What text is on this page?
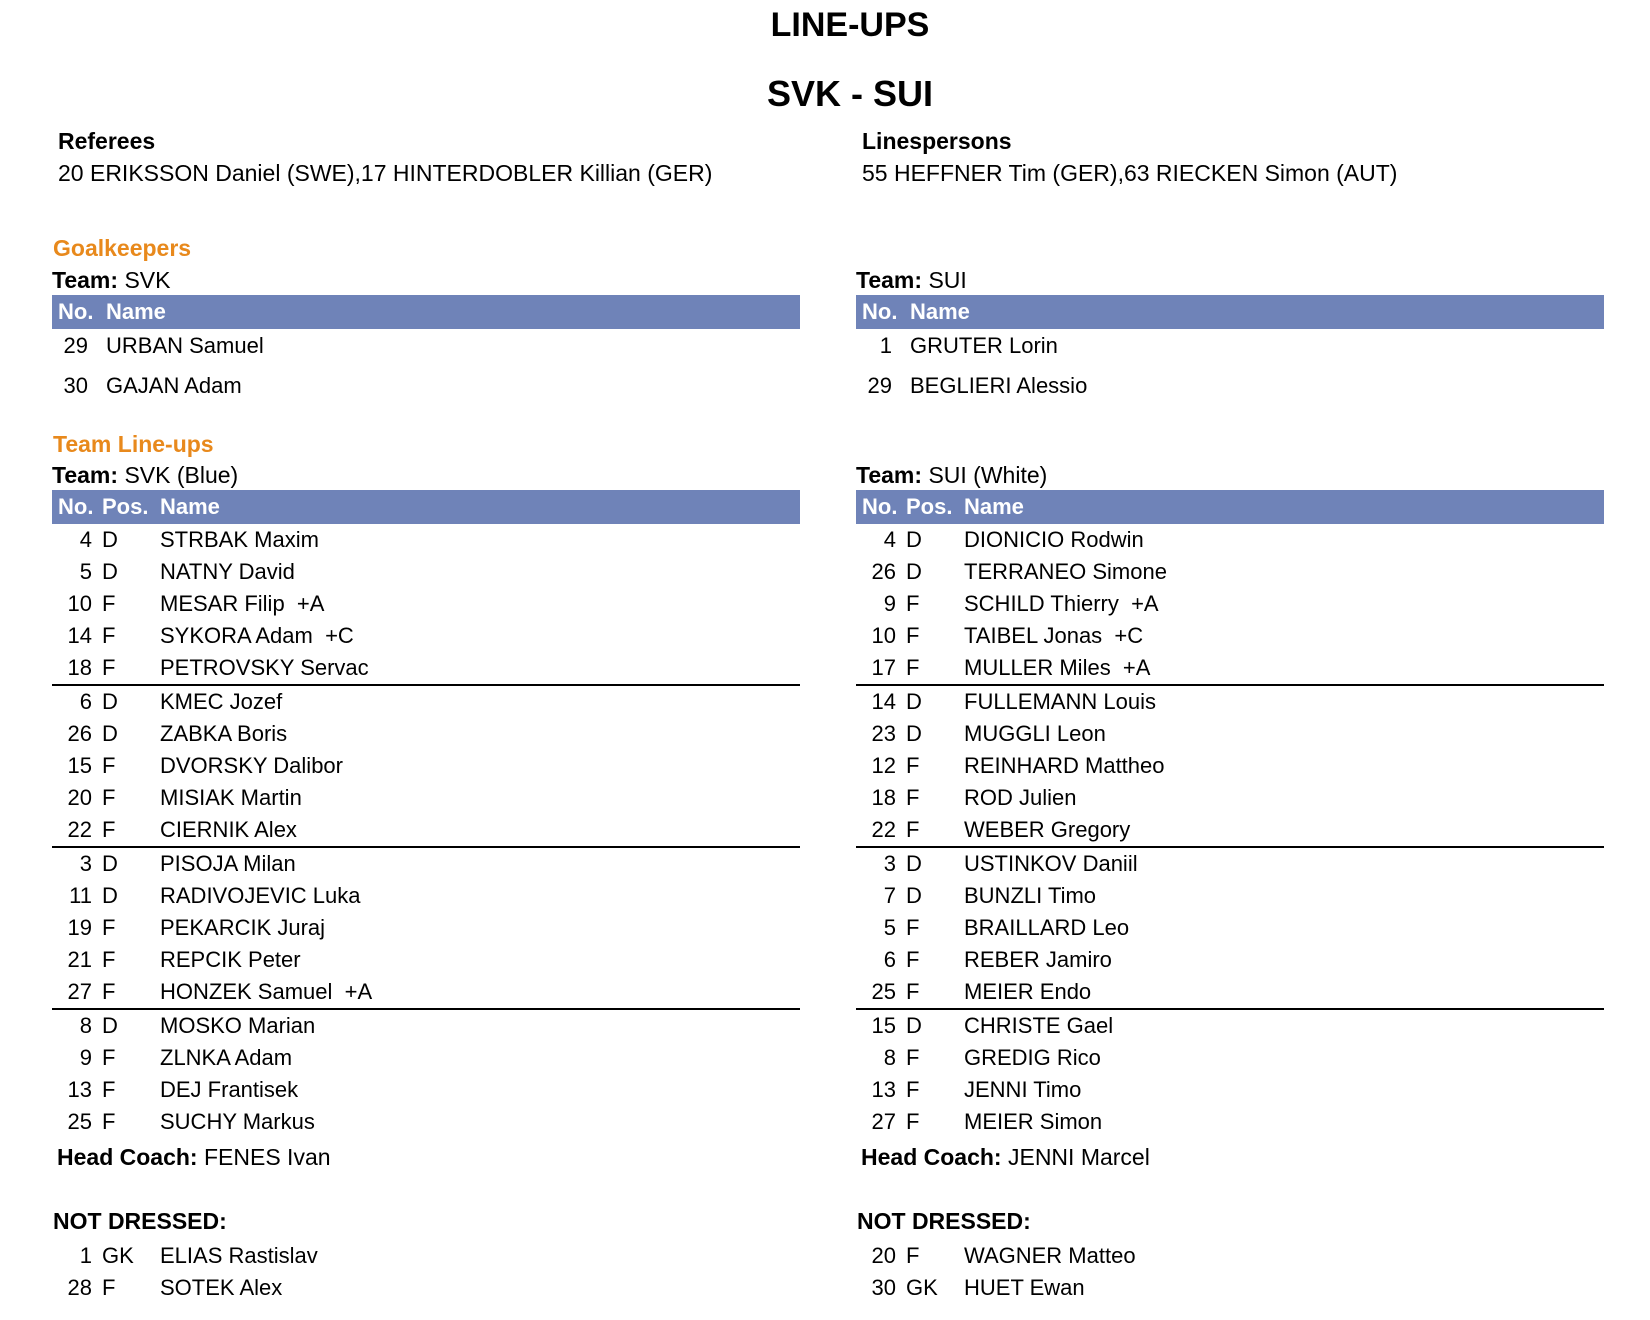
LINE-UPS
SVK - SUI
Referees
20 ERIKSSON Daniel (SWE),17 HINTERDOBLER Killian (GER)
Linespersons
55 HEFFNER Tim (GER),63 RIECKEN Simon (AUT)
Goalkeepers
Team: SVK
No. Name
29 URBAN Samuel
30 GAJAN Adam
Team: SUI
No. Name
1 GRUTER Lorin
29 BEGLIERI Alessio
Team Line-ups
Team: SVK (Blue)
No. Pos. Name
4 D STRBAK Maxim
5 D NATNY David
10 F MESAR Filip  +A
14 F SYKORA Adam  +C
18 F PETROVSKY Servac
6 D KMEC Jozef
26 D ZABKA Boris
15 F DVORSKY Dalibor
20 F MISIAK Martin
22 F CIERNIK Alex
3 D PISOJA Milan
11 D RADIVOJEVIC Luka
19 F PEKARCIK Juraj
21 F REPCIK Peter
27 F HONZEK Samuel  +A
8 D MOSKO Marian
9 F ZLNKA Adam
13 F DEJ Frantisek
25 F SUCHY Markus
Team: SUI (White)
No. Pos. Name
4 D DIONICIO Rodwin
26 D TERRANEO Simone
9 F SCHILD Thierry  +A
10 F TAIBEL Jonas  +C
17 F MULLER Miles  +A
14 D FULLEMANN Louis
23 D MUGGLI Leon
12 F REINHARD Mattheo
18 F ROD Julien
22 F WEBER Gregory
3 D USTINKOV Daniil
7 D BUNZLI Timo
5 F BRAILLARD Leo
6 F REBER Jamiro
25 F MEIER Endo
15 D CHRISTE Gael
8 F GREDIG Rico
13 F JENNI Timo
27 F MEIER Simon
Head Coach: FENES Ivan	Head Coach: JENNI Marcel
NOT DRESSED:	NOT DRESSED:
1 GK ELIAS Rastislav
28 F SOTEK Alex
20 F WAGNER Matteo
30 GK HUET Ewan
